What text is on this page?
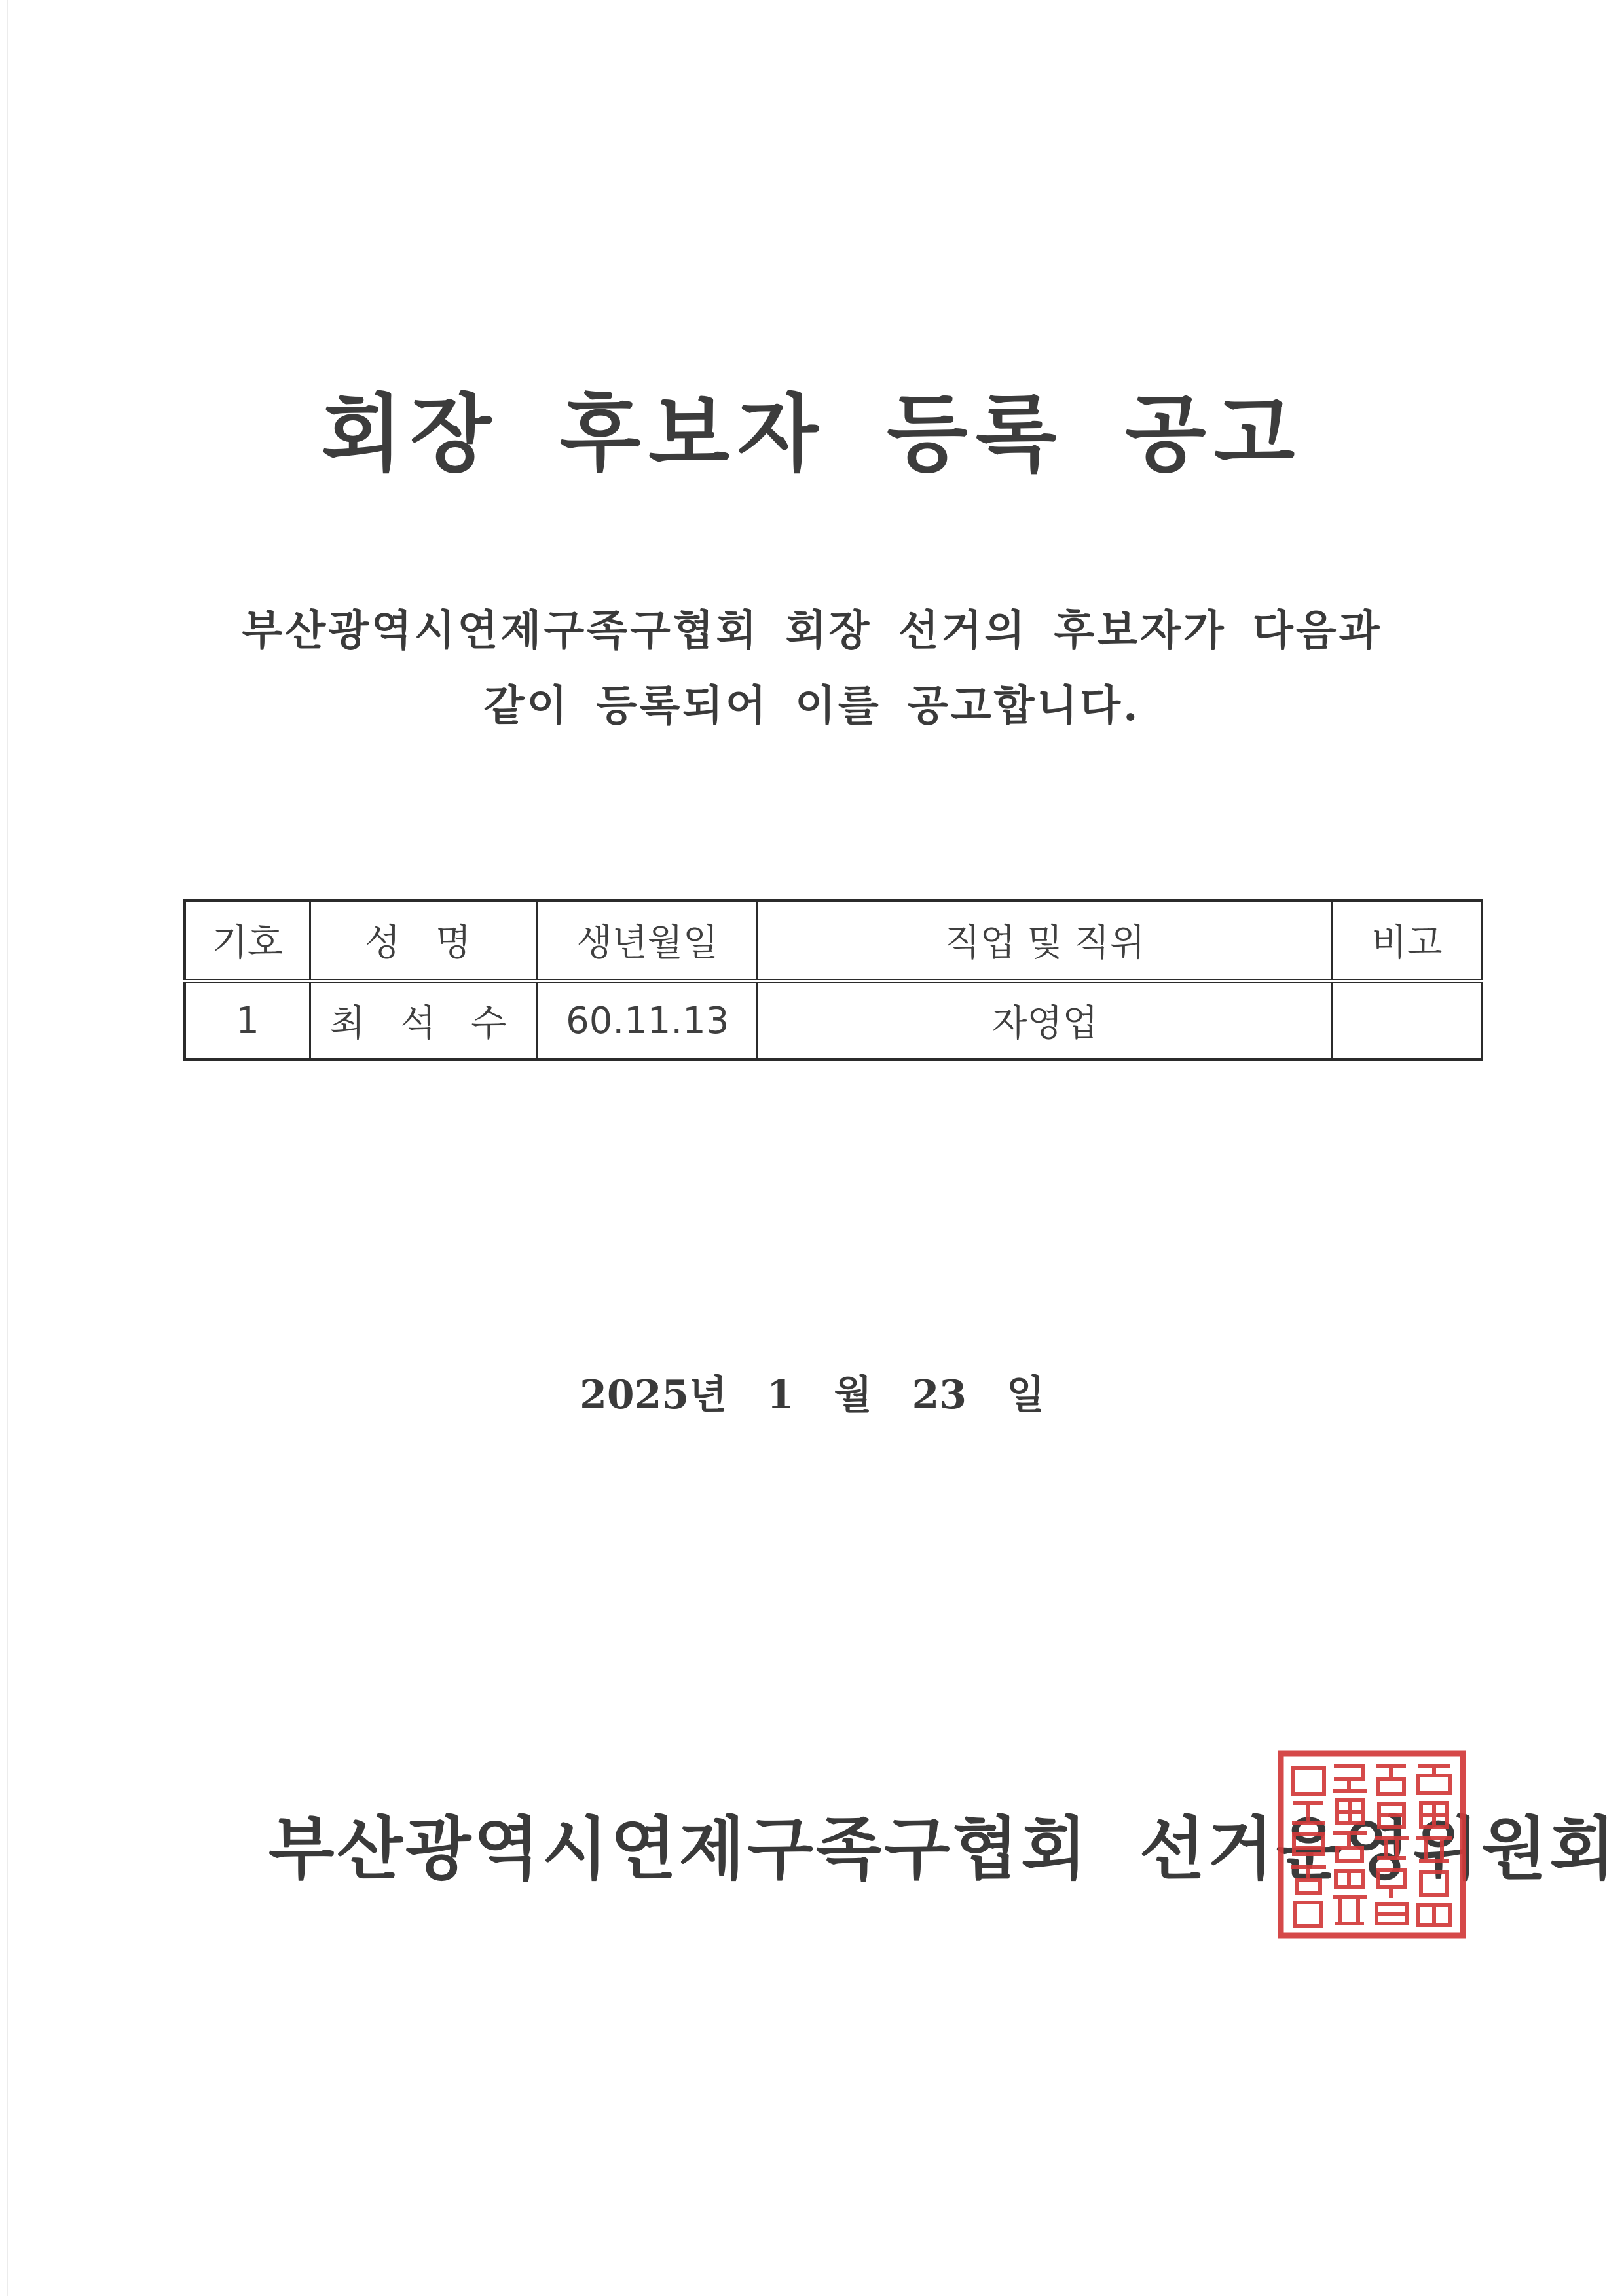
회장 후보자 등록 공고
부산광역시연제구족구협회 회장 선거의 후보자가 다음과
같이 등록되어 이를 공고합니다.
기호	성 명	생년월일	직업 및 직위	비고
1	최 석 수	60.11.13	자영업	
2025년 1 월 23 일
부산광역시연제구족구협회 선거운영위원회
